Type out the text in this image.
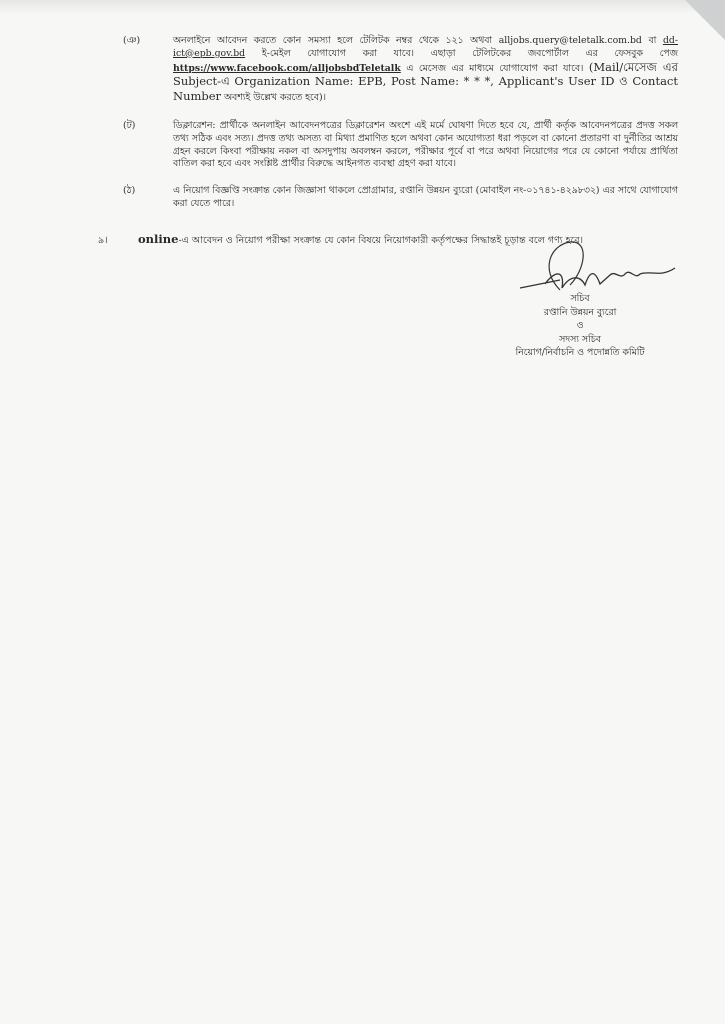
(ঞ)	অনলাইনে আবেদন করতে কোন সমস্যা হলে টেলিটক নম্বর থেকে ১২১ অথবা alljobs.query@teletalk.com.bd বা dd-ict@epb.gov.bd ই-মেইল যোগাযোগ করা যাবে। এছাড়া টেলিটকের জবপোর্টাল এর ফেসবুক পেজ https://www.facebook.com/alljobsbdTeletalk এ মেসেজ এর মাধ্যমে যোগাযোগ করা যাবে। (Mail/মেসেজ এর Subject-এ Organization Name: EPB, Post Name: * * *, Applicant's User ID ও Contact Number অবশ্যই উল্লেখ করতে হবে)।
(ট)	ডিক্লারেশন: প্রার্থীকে অনলাইন আবেদনপত্রের ডিক্লারেশন অংশে এই মর্মে ঘোষণা দিতে হবে যে, প্রার্থী কর্তৃক আবেদনপত্রের প্রদত্ত সকল তথ্য সঠিক এবং সত্য। প্রদত্ত তথ্য অসত্য বা মিথ্যা প্রমাণিত হলে অথবা কোন অযোগ্যতা ধরা পড়লে বা কোনো প্রতারণা বা দুর্নীতির আশ্রয় গ্রহন করলে কিংবা পরীক্ষায় নকল বা অসদুপায় অবলম্বন করলে, পরীক্ষার পূর্বে বা পরে অথবা নিয়োগের পরে যে কোনো পর্যায়ে প্রার্থিতা বাতিল করা হবে এবং সংশ্লিষ্ট প্রার্থীর বিরুদ্ধে আইনগত ব্যবস্থা গ্রহণ করা যাবে।
(ঠ)	এ নিয়োগ বিজ্ঞপ্তি সংক্রান্ত কোন জিজ্ঞাসা থাকলে প্রোগ্রামার, রপ্তানি উন্নয়ন ব্যুরো (মোবাইল নং-০১৭৪১-৪২৯৮৩২) এর সাথে যোগাযোগ করা যেতে পারে।
৯।	online-এ আবেদন ও নিয়োগ পরীক্ষা সংক্রান্ত যে কোন বিষয়ে নিয়োগকারী কর্তৃপক্ষের সিদ্ধান্তই চূড়ান্ত বলে গণ্য হবে।
সচিব
রপ্তানি উন্নয়ন ব্যুরো
ও
সদস্য সচিব
নিয়োগ/নির্বাচনি ও পদোন্নতি কমিটি
